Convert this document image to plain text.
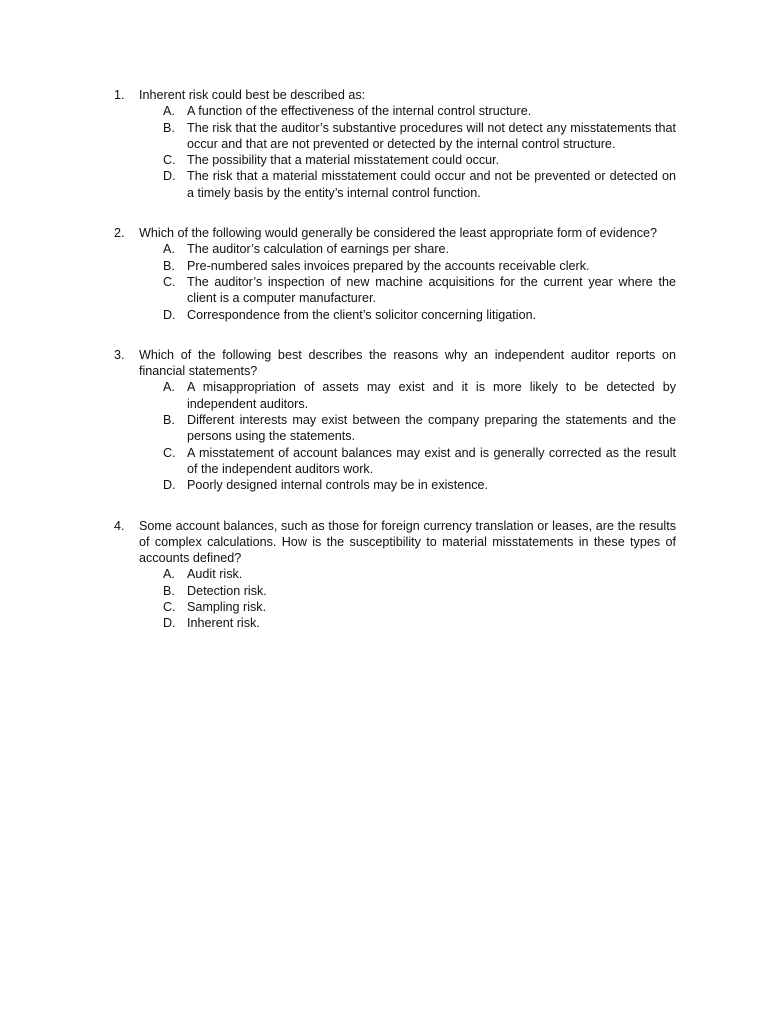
1.	Inherent risk could best be described as:
A. A function of the effectiveness of the internal control structure.
B. The risk that the auditor’s substantive procedures will not detect any misstatements that occur and that are not prevented or detected by the internal control structure.
C. The possibility that a material misstatement could occur.
D. The risk that a material misstatement could occur and not be prevented or detected on a timely basis by the entity’s internal control function.
2.	Which of the following would generally be considered the least appropriate form of evidence?
A. The auditor’s calculation of earnings per share.
B. Pre-numbered sales invoices prepared by the accounts receivable clerk.
C. The auditor’s inspection of new machine acquisitions for the current year where the client is a computer manufacturer.
D. Correspondence from the client’s solicitor concerning litigation.
3.	Which of the following best describes the reasons why an independent auditor reports on financial statements?
A. A misappropriation of assets may exist and it is more likely to be detected by independent auditors.
B. Different interests may exist between the company preparing the statements and the persons using the statements.
C. A misstatement of account balances may exist and is generally corrected as the result of the independent auditors work.
D. Poorly designed internal controls may be in existence.
4.	Some account balances, such as those for foreign currency translation or leases, are the results of complex calculations. How is the susceptibility to material misstatements in these types of accounts defined?
A. Audit risk.
B. Detection risk.
C. Sampling risk.
D. Inherent risk.
